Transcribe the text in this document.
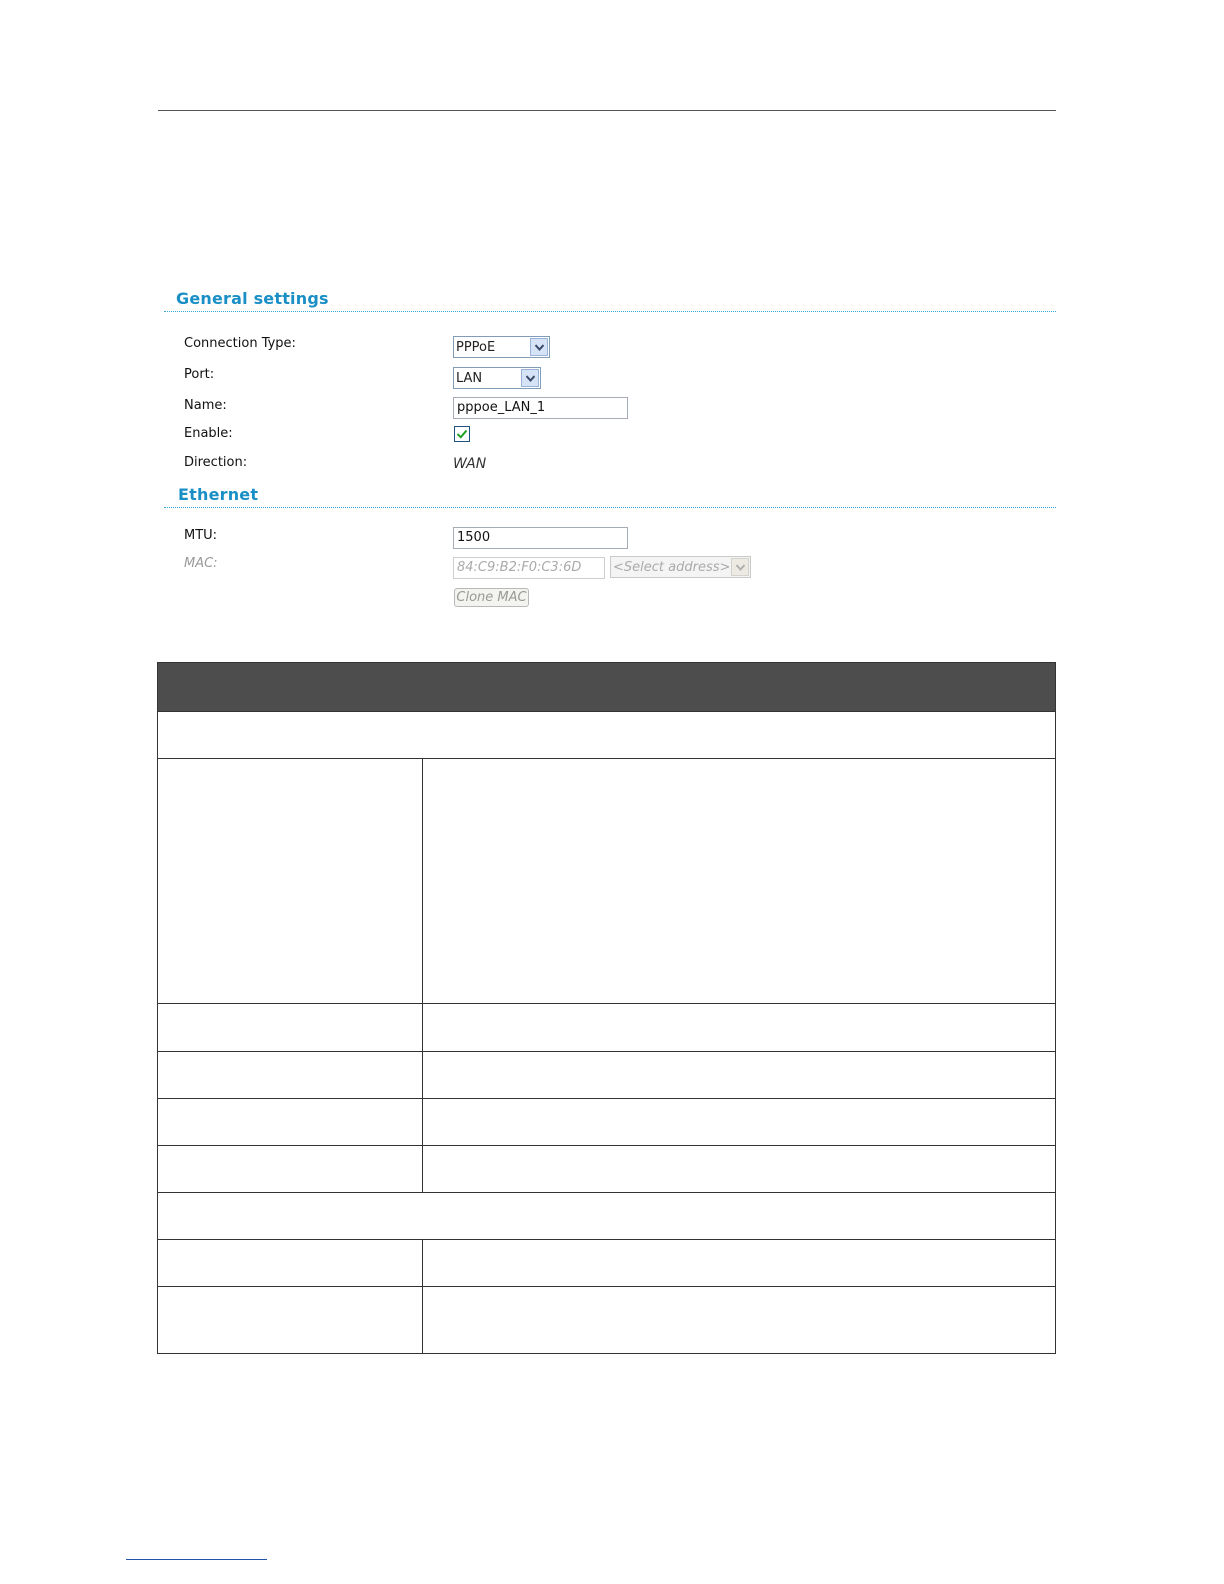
General settings
Connection Type:	PPPoE
Port:	LAN
Name:	pppoe_LAN_1
Enable:
Direction:	WAN
Ethernet
MTU:	1500
MAC:	84:C9:B2:F0:C3:6D	<Select address>
Clone MAC
